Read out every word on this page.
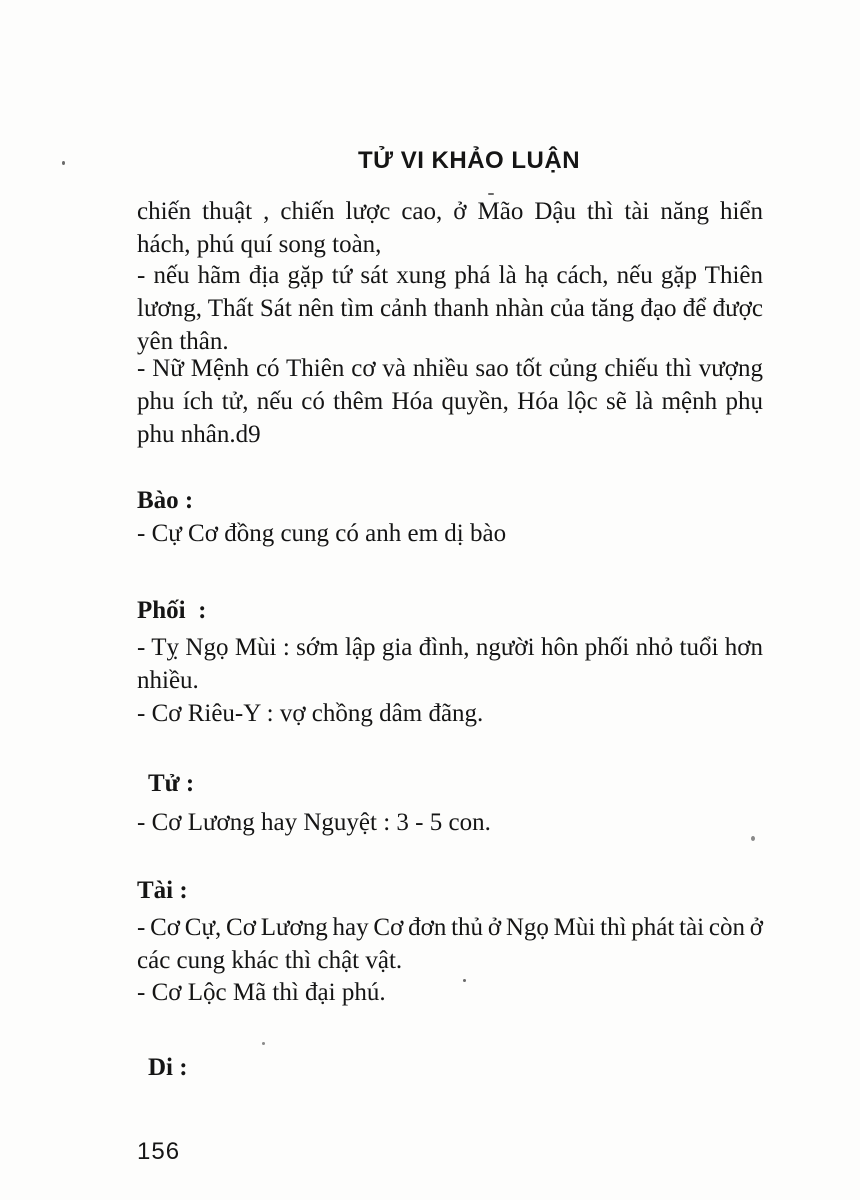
TỬ VI KHẢO LUẬN
chiến thuật , chiến lược cao, ở Mão Dậu thì tài năng hiển
hách, phú quí song toàn,
- nếu hãm địa gặp tứ sát xung phá là hạ cách, nếu gặp Thiên
lương, Thất Sát nên tìm cảnh thanh nhàn của tăng đạo để được
yên thân.
- Nữ Mệnh có Thiên cơ và nhiều sao tốt củng chiếu thì vượng
phu ích tử, nếu có thêm Hóa quyền, Hóa lộc sẽ là mệnh phụ
phu nhân.d9
Bào :
- Cự Cơ đồng cung có anh em dị bào
Phối :
- Tỵ Ngọ Mùi : sớm lập gia đình, người hôn phối nhỏ tuổi hơn
nhiều.
- Cơ Riêu-Y : vợ chồng dâm đãng.
Tử :
- Cơ Lương hay Nguyệt : 3 - 5 con.
Tài :
- Cơ Cự, Cơ Lương hay Cơ đơn thủ ở Ngọ Mùi thì phát tài còn ở
các cung khác thì chật vật.
- Cơ Lộc Mã thì đại phú.
Di :
156
